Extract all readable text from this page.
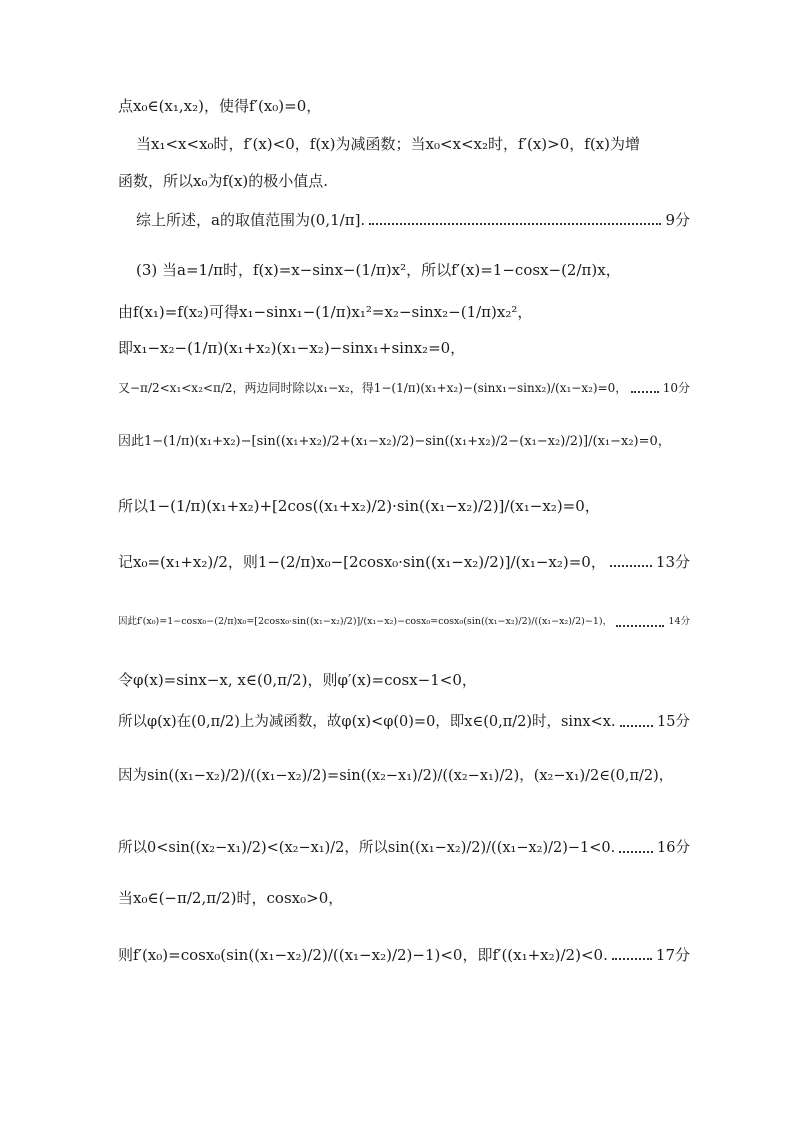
点x₀∈(x₁,x₂)，使得f′(x₀)=0，
当x₁<x<x₀时，f′(x)<0，f(x)为减函数；当x₀<x<x₂时，f′(x)>0，f(x)为增
函数，所以x₀为f(x)的极小值点.
综上所述，a的取值范围为(0,1/π].	9分
(3) 当a=1/π时，f(x)=x−sinx−(1/π)x²，所以f′(x)=1−cosx−(2/π)x，
由f(x₁)=f(x₂)可得x₁−sinx₁−(1/π)x₁²=x₂−sinx₂−(1/π)x₂²，
即x₁−x₂−(1/π)(x₁+x₂)(x₁−x₂)−sinx₁+sinx₂=0，
又−π/2<x₁<x₂<π/2，两边同时除以x₁−x₂，得1−(1/π)(x₁+x₂)−(sinx₁−sinx₂)/(x₁−x₂)=0，	10分
因此1−(1/π)(x₁+x₂)−[sin((x₁+x₂)/2+(x₁−x₂)/2)−sin((x₁+x₂)/2−(x₁−x₂)/2)]/(x₁−x₂)=0，
所以1−(1/π)(x₁+x₂)+[2cos((x₁+x₂)/2)·sin((x₁−x₂)/2)]/(x₁−x₂)=0，
记x₀=(x₁+x₂)/2，则1−(2/π)x₀−[2cosx₀·sin((x₁−x₂)/2)]/(x₁−x₂)=0，	13分
因此f′(x₀)=1−cosx₀−(2/π)x₀=[2cosx₀·sin((x₁−x₂)/2)]/(x₁−x₂)−cosx₀=cosx₀(sin((x₁−x₂)/2)/((x₁−x₂)/2)−1)，	14分
令φ(x)=sinx−x, x∈(0,π/2)，则φ′(x)=cosx−1<0，
所以φ(x)在(0,π/2)上为减函数，故φ(x)<φ(0)=0，即x∈(0,π/2)时，sinx<x.	15分
因为sin((x₁−x₂)/2)/((x₁−x₂)/2)=sin((x₂−x₁)/2)/((x₂−x₁)/2)，(x₂−x₁)/2∈(0,π/2)，
所以0<sin((x₂−x₁)/2)<(x₂−x₁)/2，所以sin((x₁−x₂)/2)/((x₁−x₂)/2)−1<0.	16分
当x₀∈(−π/2,π/2)时，cosx₀>0，
则f′(x₀)=cosx₀(sin((x₁−x₂)/2)/((x₁−x₂)/2)−1)<0，即f′((x₁+x₂)/2)<0.	17分
